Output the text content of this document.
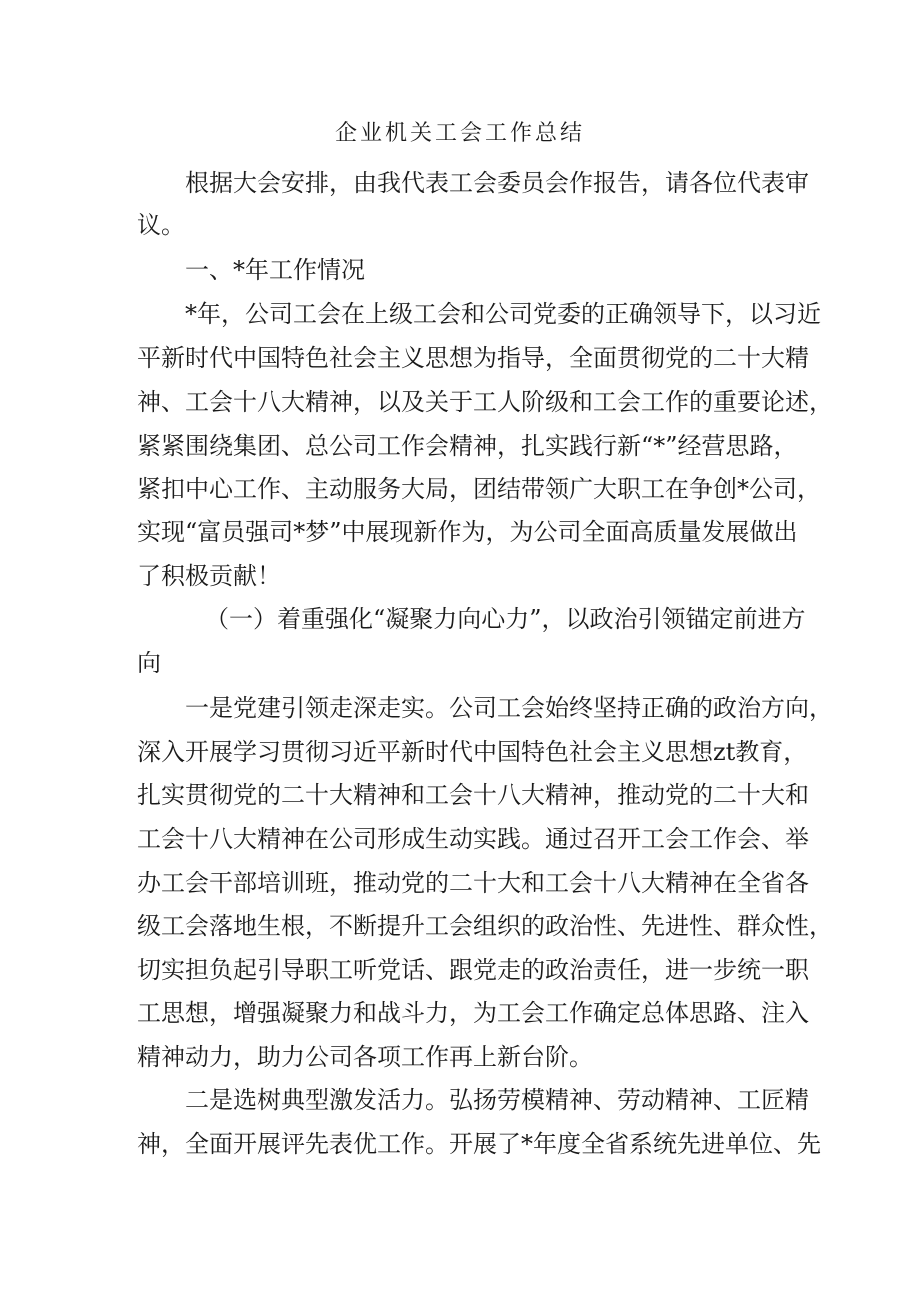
企业机关工会工作总结
根据大会安排，由我代表工会委员会作报告，请各位代表审
议。
一、*年工作情况
*年，公司工会在上级工会和公司党委的正确领导下，以习近
平新时代中国特色社会主义思想为指导，全面贯彻党的二十大精
神、工会十八大精神，以及关于工人阶级和工会工作的重要论述，
紧紧围绕集团、总公司工作会精神，扎实践行新“*”经营思路，
紧扣中心工作、主动服务大局，团结带领广大职工在争创*公司，
实现“富员强司*梦”中展现新作为，为公司全面高质量发展做出
了积极贡献！
（一）着重强化“凝聚力向心力”，以政治引领锚定前进方
向
一是党建引领走深走实。公司工会始终坚持正确的政治方向，
深入开展学习贯彻习近平新时代中国特色社会主义思想zt教育，
扎实贯彻党的二十大精神和工会十八大精神，推动党的二十大和
工会十八大精神在公司形成生动实践。通过召开工会工作会、举
办工会干部培训班，推动党的二十大和工会十八大精神在全省各
级工会落地生根，不断提升工会组织的政治性、先进性、群众性，
切实担负起引导职工听党话、跟党走的政治责任，进一步统一职
工思想，增强凝聚力和战斗力，为工会工作确定总体思路、注入
精神动力，助力公司各项工作再上新台阶。
二是选树典型激发活力。弘扬劳模精神、劳动精神、工匠精
神，全面开展评先表优工作。开展了*年度全省系统先进单位、先
